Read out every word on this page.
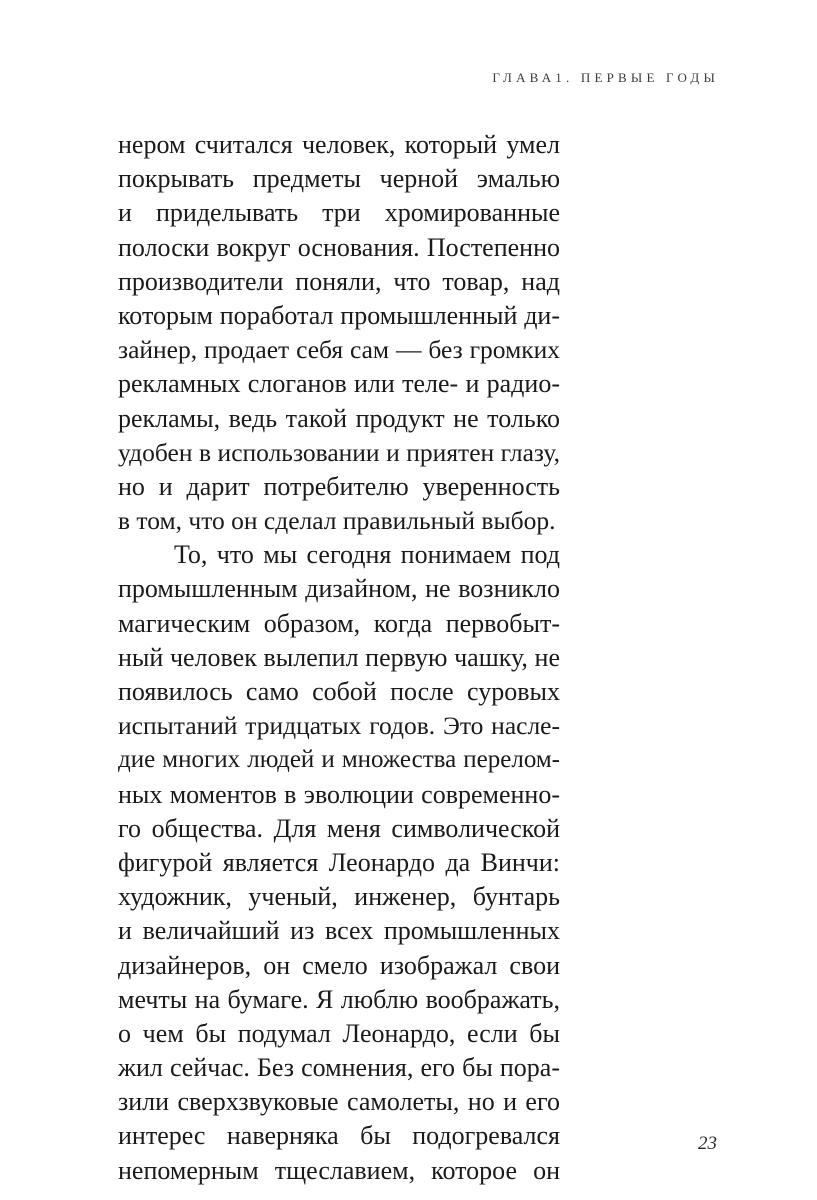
ГЛАВА1. ПЕРВЫЕ ГОДЫ
нером считался человек, который умел
покрывать предметы черной эмалью
и приделывать три хромированные
полоски вокруг основания. Постепенно
производители поняли, что товар, над
которым поработал промышленный ди-
зайнер, продает себя сам — без громких
рекламных слоганов или теле- и радио-
рекламы, ведь такой продукт не только
удобен в использовании и приятен глазу,
но и дарит потребителю уверенность
в том, что он сделал правильный выбор.
То, что мы сегодня понимаем под
промышленным дизайном, не возникло
магическим образом, когда первобыт-
ный человек вылепил первую чашку, не
появилось само собой после суровых
испытаний тридцатых годов. Это насле-
дие многих людей и множества перелом-
ных моментов в эволюции современно-
го общества. Для меня символической
фигурой является Леонардо да Винчи:
художник, ученый, инженер, бунтарь
и величайший из всех промышленных
дизайнеров, он смело изображал свои
мечты на бумаге. Я люблю воображать,
о чем бы подумал Леонардо, если бы
жил сейчас. Без сомнения, его бы пора-
зили сверхзвуковые самолеты, но и его
интерес наверняка бы подогревался
непомерным тщеславием, которое он
23
